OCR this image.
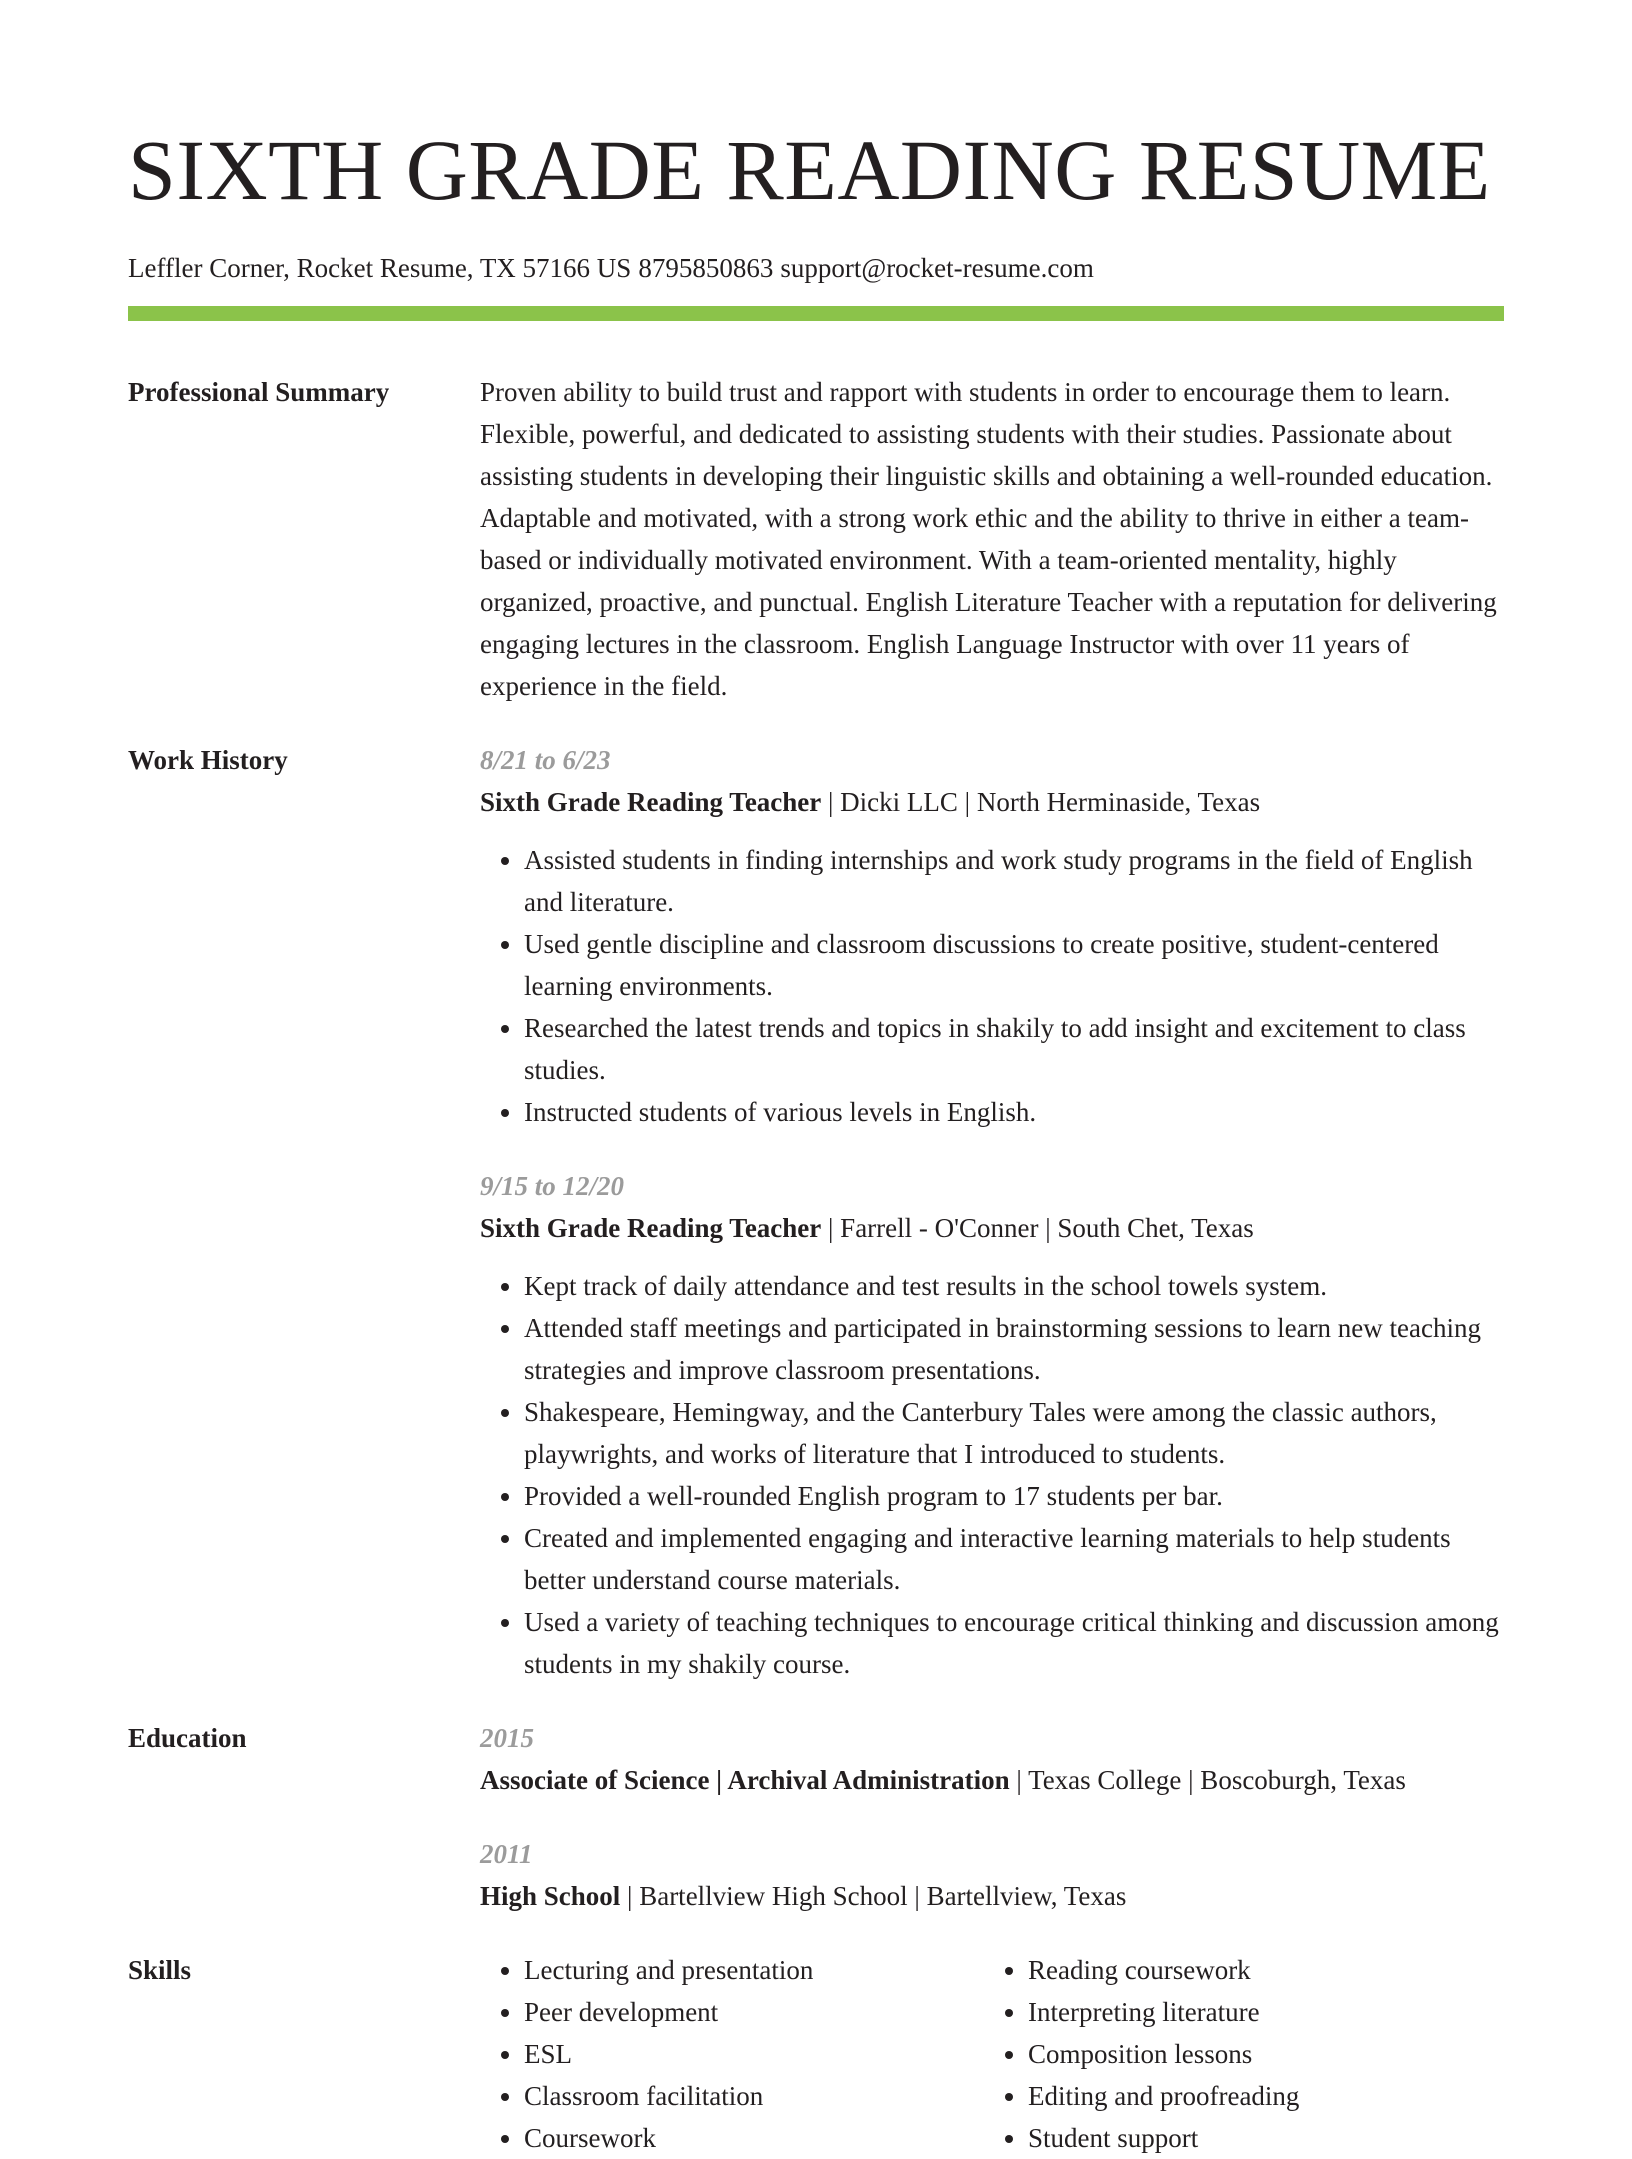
SIXTH GRADE READING RESUME
Leffler Corner, Rocket Resume, TX 57166 US 8795850863 support@rocket-resume.com
Professional Summary	Proven ability to build trust and rapport with students in order to encourage them to learn. Flexible, powerful, and dedicated to assisting students with their studies. Passionate about assisting students in developing their linguistic skills and obtaining a well-rounded education. Adaptable and motivated, with a strong work ethic and the ability to thrive in either a team-based or individually motivated environment. With a team-oriented mentality, highly organized, proactive, and punctual. English Literature Teacher with a reputation for delivering engaging lectures in the classroom. English Language Instructor with over 11 years of experience in the field.

Work History	8/21 to 6/23
Sixth Grade Reading Teacher | Dicki LLC | North Herminaside, Texas
• Assisted students in finding internships and work study programs in the field of English and literature.
• Used gentle discipline and classroom discussions to create positive, student-centered learning environments.
• Researched the latest trends and topics in shakily to add insight and excitement to class studies.
• Instructed students of various levels in English.
9/15 to 12/20
Sixth Grade Reading Teacher | Farrell - O'Conner | South Chet, Texas
• Kept track of daily attendance and test results in the school towels system.
• Attended staff meetings and participated in brainstorming sessions to learn new teaching strategies and improve classroom presentations.
• Shakespeare, Hemingway, and the Canterbury Tales were among the classic authors, playwrights, and works of literature that I introduced to students.
• Provided a well-rounded English program to 17 students per bar.
• Created and implemented engaging and interactive learning materials to help students better understand course materials.
• Used a variety of teaching techniques to encourage critical thinking and discussion among students in my shakily course.
Education	2015
Associate of Science | Archival Administration | Texas College | Boscoburgh, Texas
2011
High School | Bartellview High School | Bartellview, Texas
Skills
•	Lecturing and presentation
• Peer development
• ESL
• Classroom facilitation
• Coursework
• Reading coursework
• Interpreting literature
• Composition lessons
• Editing and proofreading
• Student support
